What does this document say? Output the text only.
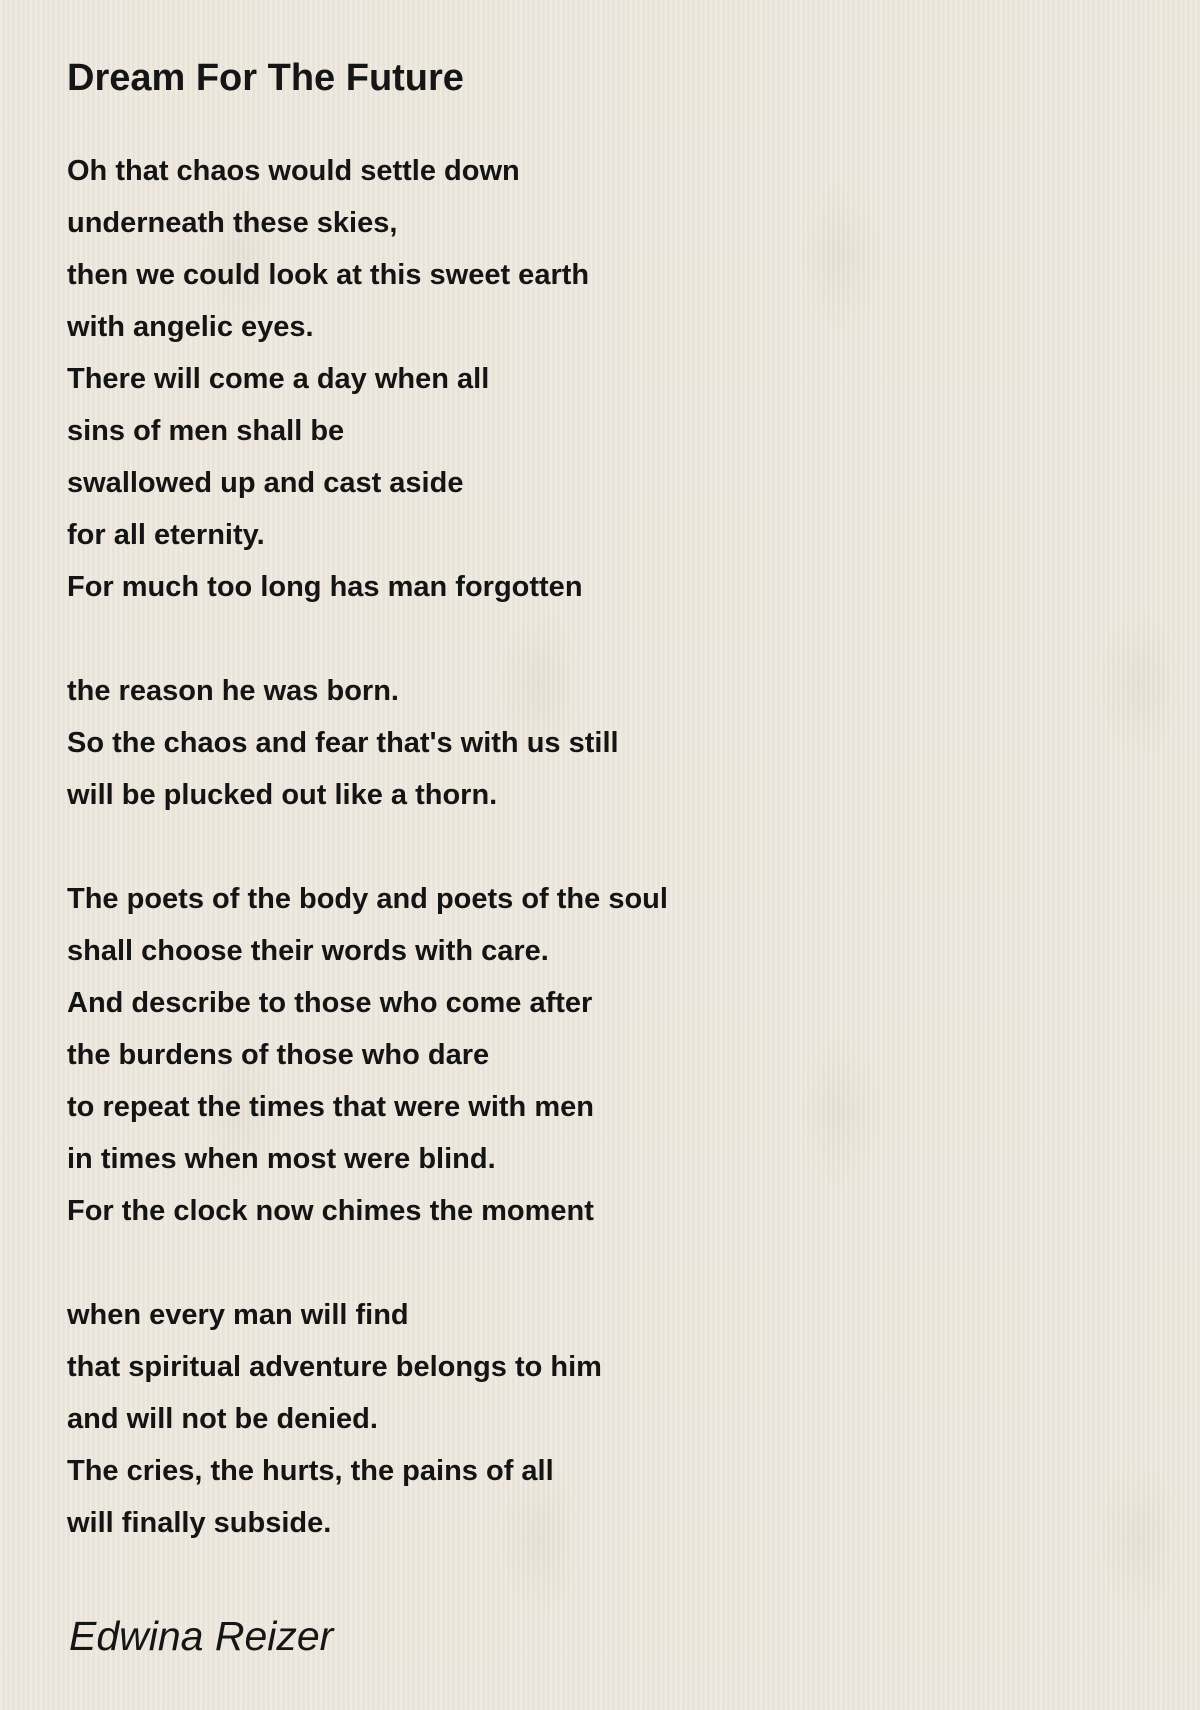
Dream For The Future
Oh that chaos would settle down
underneath these skies,
then we could look at this sweet earth
with angelic eyes.
There will come a day when all
sins of men shall be
swallowed up and cast aside
for all eternity.
For much too long has man forgotten
the reason he was born.
So the chaos and fear that's with us still
will be plucked out like a thorn.
The poets of the body and poets of the soul
shall choose their words with care.
And describe to those who come after
the burdens of those who dare
to repeat the times that were with men
in times when most were blind.
For the clock now chimes the moment
when every man will find
that spiritual adventure belongs to him
and will not be denied.
The cries, the hurts, the pains of all
will finally subside.

Edwina Reizer
